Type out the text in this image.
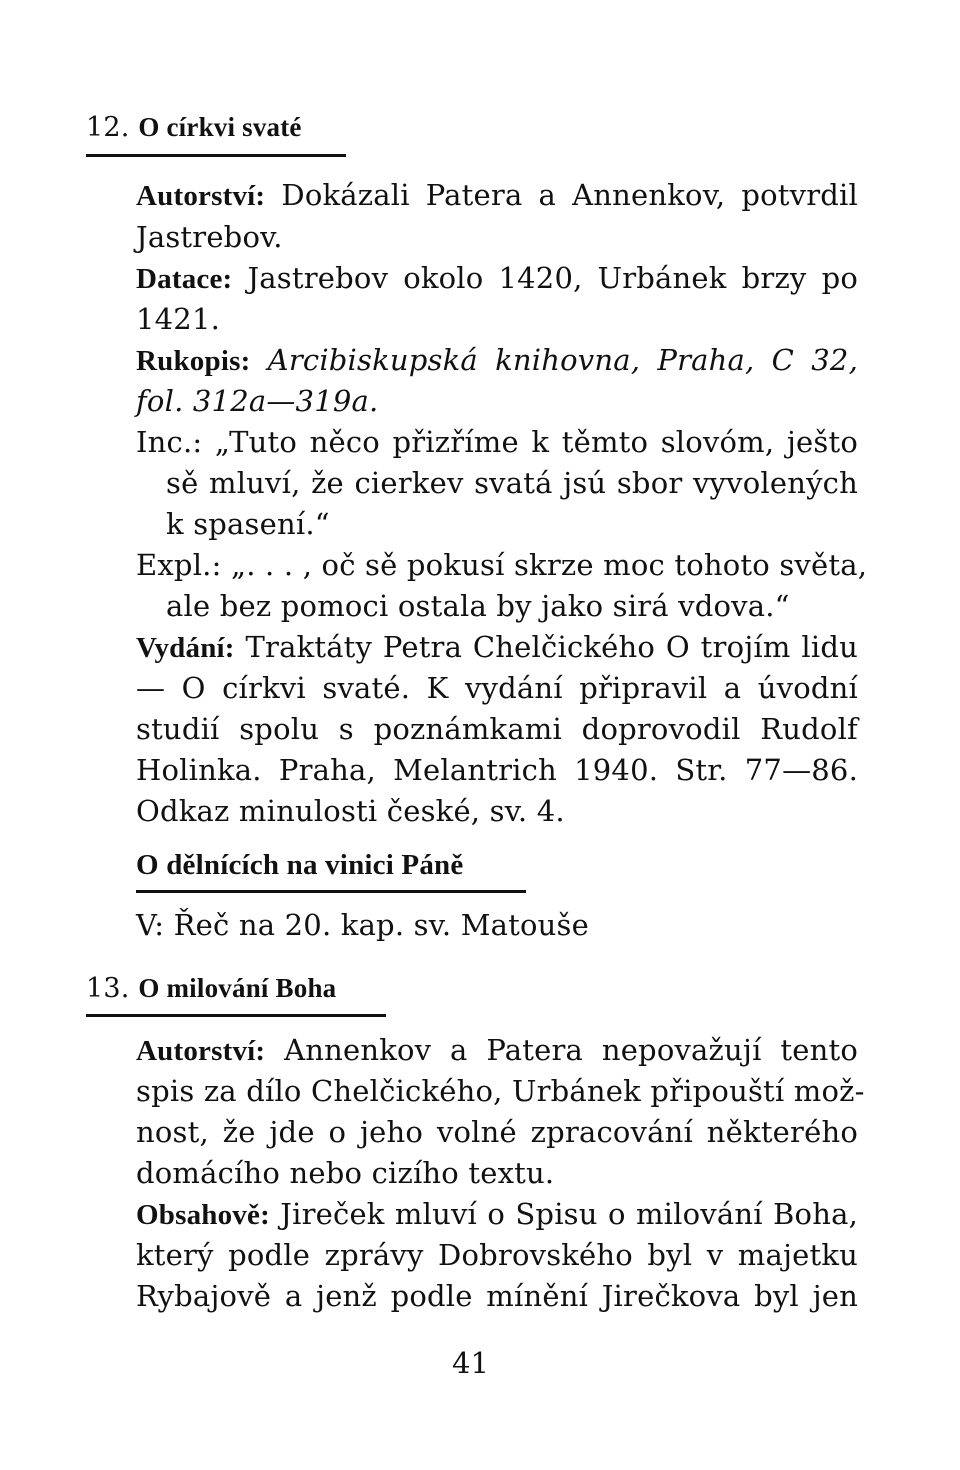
12. O církvi svaté
Autorství: Dokázali Patera a Annenkov, potvrdil
Jastrebov.
Datace: Jastrebov okolo 1420, Urbánek brzy po
1421.
Rukopis: Arcibiskupská knihovna, Praha, C 32,
fol. 312a—319a.
Inc.: „Tuto něco přizříme k těmto slovóm, ješto
sě mluví, že cierkev svatá jsú sbor vyvolených
k spasení.“
Expl.: „. . . , oč sě pokusí skrze moc tohoto světa,
ale bez pomoci ostala by jako sirá vdova.“
Vydání: Traktáty Petra Chelčického O trojím lidu
— O církvi svaté. K vydání připravil a úvodní
studií spolu s poznámkami doprovodil Rudolf
Holinka. Praha, Melantrich 1940. Str. 77—86.
Odkaz minulosti české, sv. 4.
O dělnících na vinici Páně
V: Řeč na 20. kap. sv. Matouše
13. O milování Boha
Autorství: Annenkov a Patera nepovažují tento
spis za dílo Chelčického, Urbánek připouští mož-
nost, že jde o jeho volné zpracování některého
domácího nebo cizího textu.
Obsahově: Jireček mluví o Spisu o milování Boha,
který podle zprávy Dobrovského byl v majetku
Rybajově a jenž podle mínění Jirečkova byl jen
41
